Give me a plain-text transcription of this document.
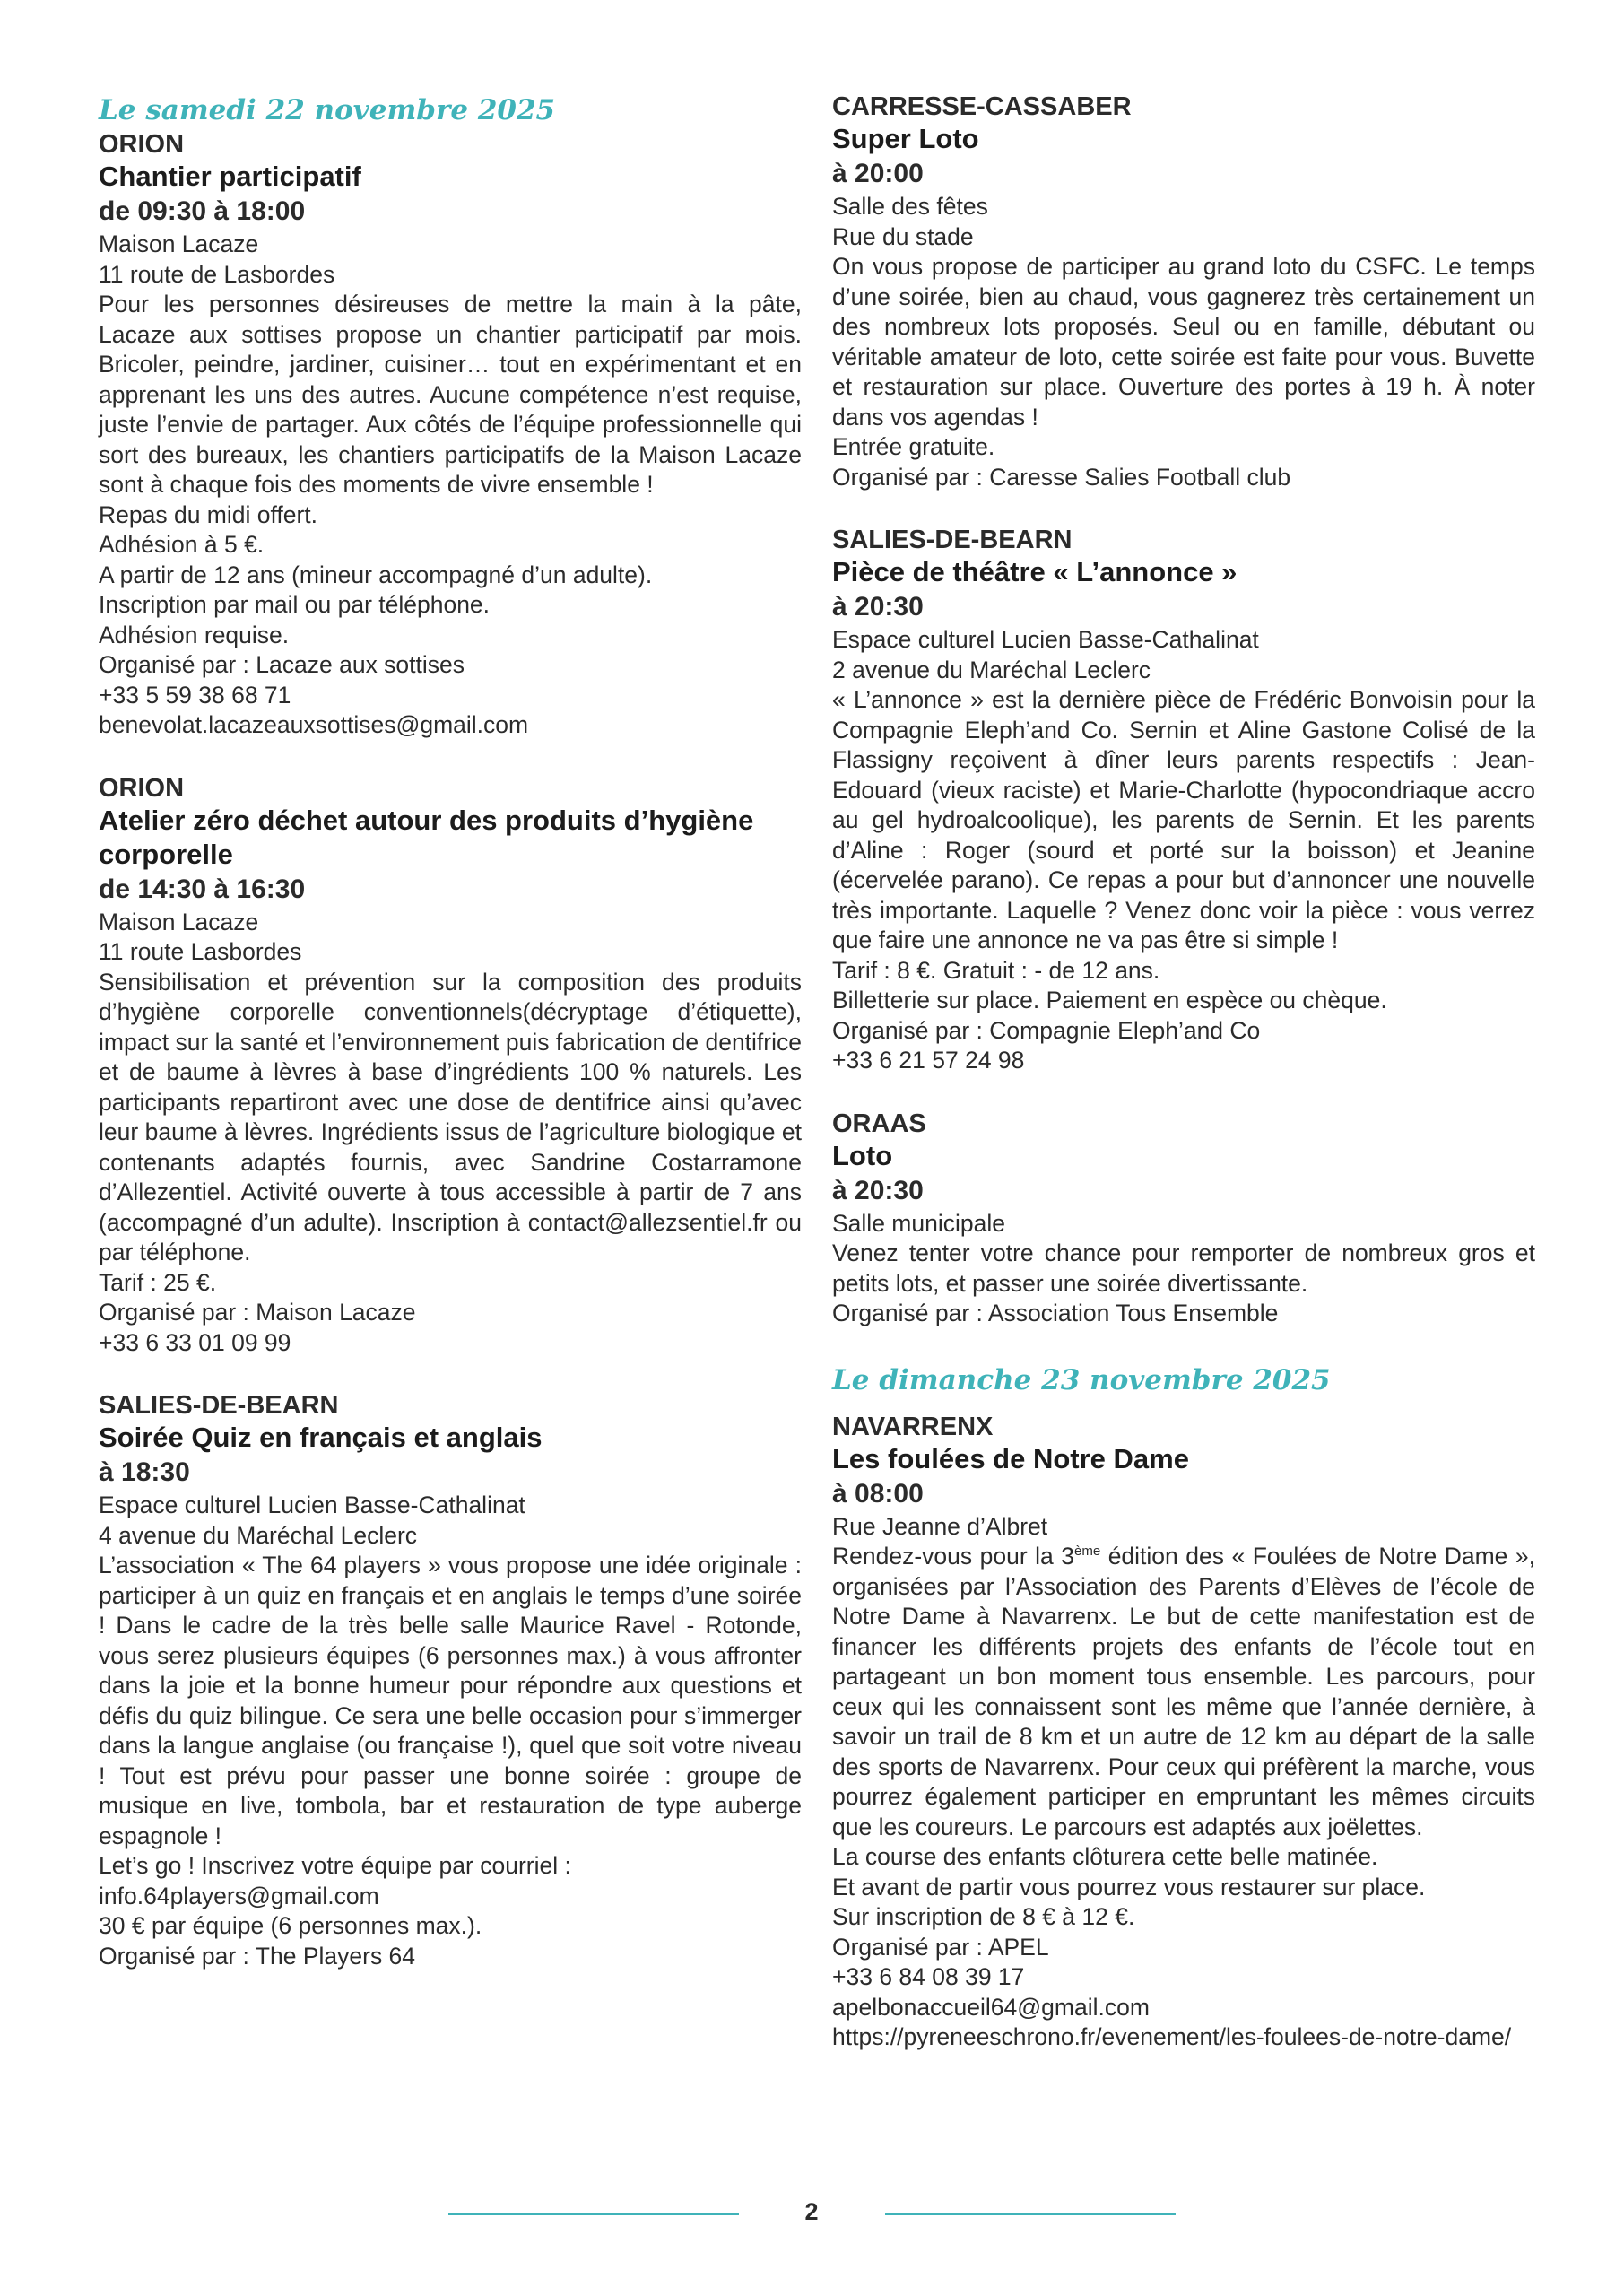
Le samedi 22 novembre 2025
ORION
Chantier participatif
de 09:30 à 18:00
Maison Lacaze
11 route de Lasbordes
Pour les personnes désireuses de mettre la main à la pâte, Lacaze aux sottises propose un chantier participatif par mois. Bricoler, peindre, jardiner, cuisiner… tout en expérimentant et en apprenant les uns des autres. Aucune compétence n’est requise, juste l’envie de partager. Aux côtés de l’équipe professionnelle qui sort des bureaux, les chantiers participatifs de la Maison Lacaze sont à chaque fois des moments de vivre ensemble !
Repas du midi offert.
Adhésion à 5 €.
A partir de 12 ans (mineur accompagné d’un adulte).
Inscription par mail ou par téléphone.
Adhésion requise.
Organisé par : Lacaze aux sottises
+33 5 59 38 68 71
benevolat.lacazeauxsottises@gmail.com
ORION
Atelier zéro déchet autour des produits d’hygiène corporelle
de 14:30 à 16:30
Maison Lacaze
11 route Lasbordes
Sensibilisation et prévention sur la composition des produits d’hygiène corporelle conventionnels(décryptage d’étiquette), impact sur la santé et l’environnement puis fabrication de dentifrice et de baume à lèvres à base d’ingrédients 100 % naturels. Les participants repartiront avec une dose de dentifrice ainsi qu’avec leur baume à lèvres. Ingrédients issus de l’agriculture biologique et contenants adaptés fournis, avec Sandrine Costarramone d’Allezentiel. Activité ouverte à tous accessible à partir de 7 ans (accompagné d’un adulte). Inscription à contact@allezsentiel.fr ou par téléphone.
Tarif : 25 €.
Organisé par : Maison Lacaze
+33 6 33 01 09 99
SALIES-DE-BEARN
Soirée Quiz en français et anglais
à 18:30
Espace culturel Lucien Basse-Cathalinat
4 avenue du Maréchal Leclerc
L’association « The 64 players » vous propose une idée originale : participer à un quiz en français et en anglais le temps d’une soirée ! Dans le cadre de la très belle salle Maurice Ravel - Rotonde, vous serez plusieurs équipes (6 personnes max.) à vous affronter dans la joie et la bonne humeur pour répondre aux questions et défis du quiz bilingue. Ce sera une belle occasion pour s’immerger dans la langue anglaise (ou française !), quel que soit votre niveau ! Tout est prévu pour passer une bonne soirée : groupe de musique en live, tombola, bar et restauration de type auberge espagnole !
Let’s go ! Inscrivez votre équipe par courriel :
info.64players@gmail.com
30 € par équipe (6 personnes max.).
Organisé par : The Players 64
CARRESSE-CASSABER
Super Loto
à 20:00
Salle des fêtes
Rue du stade
On vous propose de participer au grand loto du CSFC. Le temps d’une soirée, bien au chaud, vous gagnerez très certainement un des nombreux lots proposés. Seul ou en famille, débutant ou véritable amateur de loto, cette soirée est faite pour vous. Buvette et restauration sur place. Ouverture des portes à 19 h. À noter dans vos agendas !
Entrée gratuite.
Organisé par : Caresse Salies Football club
SALIES-DE-BEARN
Pièce de théâtre « L’annonce »
à 20:30
Espace culturel Lucien Basse-Cathalinat
2 avenue du Maréchal Leclerc
« L’annonce » est la dernière pièce de Frédéric Bonvoisin pour la Compagnie Eleph’and Co. Sernin et Aline Gastone Colisé de la Flassigny reçoivent à dîner leurs parents respectifs : Jean-Edouard (vieux raciste) et Marie-Charlotte (hypocondriaque accro au gel hydroalcoolique), les parents de Sernin. Et les parents d’Aline : Roger (sourd et porté sur la boisson) et Jeanine (écervelée parano). Ce repas a pour but d’annoncer une nouvelle très importante. Laquelle ? Venez donc voir la pièce : vous verrez que faire une annonce ne va pas être si simple !
Tarif : 8 €. Gratuit : - de 12 ans.
Billetterie sur place. Paiement en espèce ou chèque.
Organisé par : Compagnie Eleph’and Co
+33 6 21 57 24 98
ORAAS
Loto
à 20:30
Salle municipale
Venez tenter votre chance pour remporter de nombreux gros et petits lots, et passer une soirée divertissante.
Organisé par : Association Tous Ensemble
Le dimanche 23 novembre 2025
NAVARRENX
Les foulées de Notre Dame
à 08:00
Rue Jeanne d’Albret
Rendez-vous pour la 3ème édition des « Foulées de Notre Dame », organisées par l’Association des Parents d’Elèves de l’école de Notre Dame à Navarrenx. Le but de cette manifestation est de financer les différents projets des enfants de l’école tout en partageant un bon moment tous ensemble. Les parcours, pour ceux qui les connaissent sont les même que l’année dernière, à savoir un trail de 8 km et un autre de 12 km au départ de la salle des sports de Navarrenx. Pour ceux qui préfèrent la marche, vous pourrez également participer en empruntant les mêmes circuits que les coureurs. Le parcours est adaptés aux joëlettes.
La course des enfants clôturera cette belle matinée.
Et avant de partir vous pourrez vous restaurer sur place.
Sur inscription de 8 € à 12 €.
Organisé par : APEL
+33 6 84 08 39 17
apelbonaccueil64@gmail.com
https://pyreneeschrono.fr/evenement/les-foulees-de-notre-dame/
2
